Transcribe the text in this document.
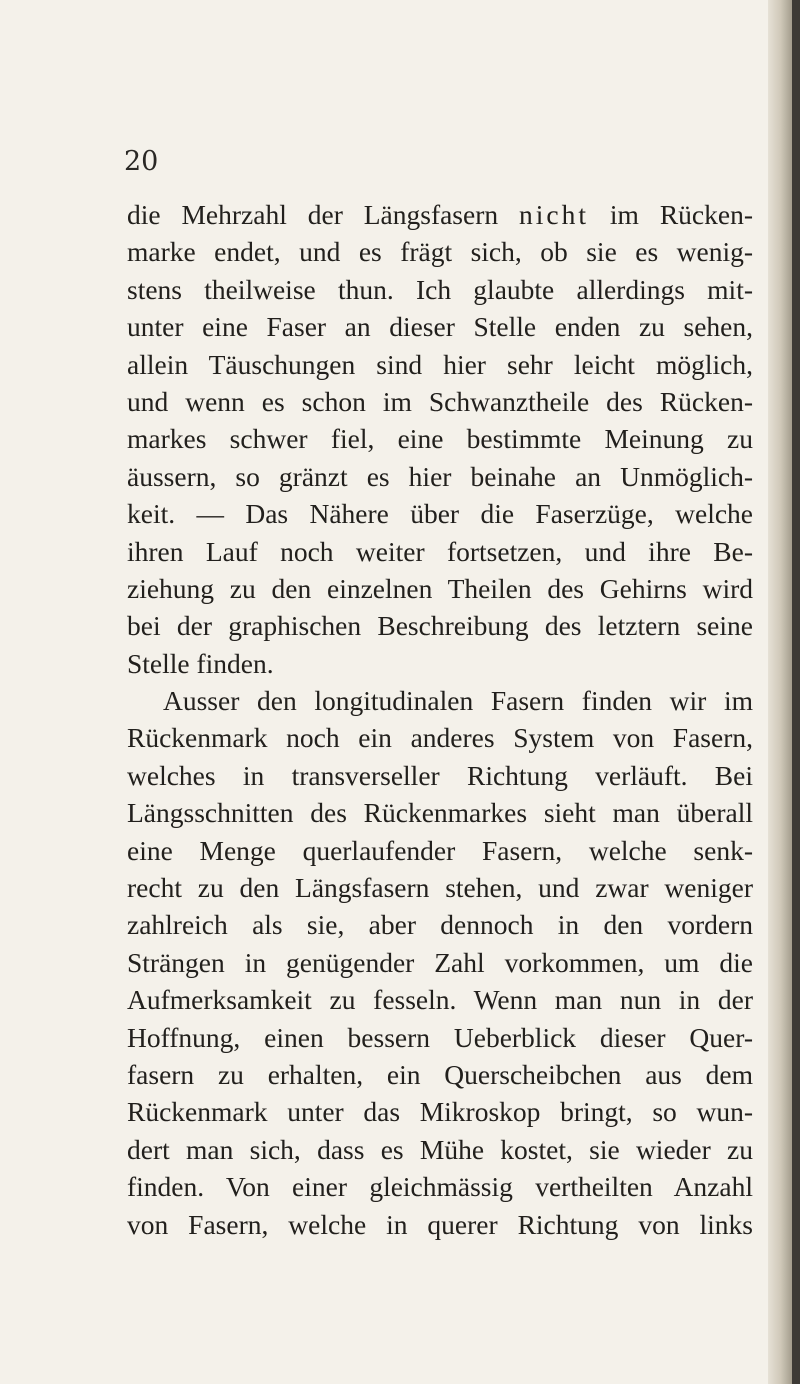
20
die Mehrzahl der Längsfasern nicht im Rücken-
marke endet, und es frägt sich, ob sie es wenig-
stens theilweise thun. Ich glaubte allerdings mit-
unter eine Faser an dieser Stelle enden zu sehen,
allein Täuschungen sind hier sehr leicht möglich,
und wenn es schon im Schwanztheile des Rücken-
markes schwer fiel, eine bestimmte Meinung zu
äussern, so gränzt es hier beinahe an Unmöglich-
keit. — Das Nähere über die Faserzüge, welche
ihren Lauf noch weiter fortsetzen, und ihre Be-
ziehung zu den einzelnen Theilen des Gehirns wird
bei der graphischen Beschreibung des letztern seine
Stelle finden.
Ausser den longitudinalen Fasern finden wir im
Rückenmark noch ein anderes System von Fasern,
welches in transverseller Richtung verläuft. Bei
Längsschnitten des Rückenmarkes sieht man überall
eine Menge querlaufender Fasern, welche senk-
recht zu den Längsfasern stehen, und zwar weniger
zahlreich als sie, aber dennoch in den vordern
Strängen in genügender Zahl vorkommen, um die
Aufmerksamkeit zu fesseln. Wenn man nun in der
Hoffnung, einen bessern Ueberblick dieser Quer-
fasern zu erhalten, ein Querscheibchen aus dem
Rückenmark unter das Mikroskop bringt, so wun-
dert man sich, dass es Mühe kostet, sie wieder zu
finden. Von einer gleichmässig vertheilten Anzahl
von Fasern, welche in querer Richtung von links
